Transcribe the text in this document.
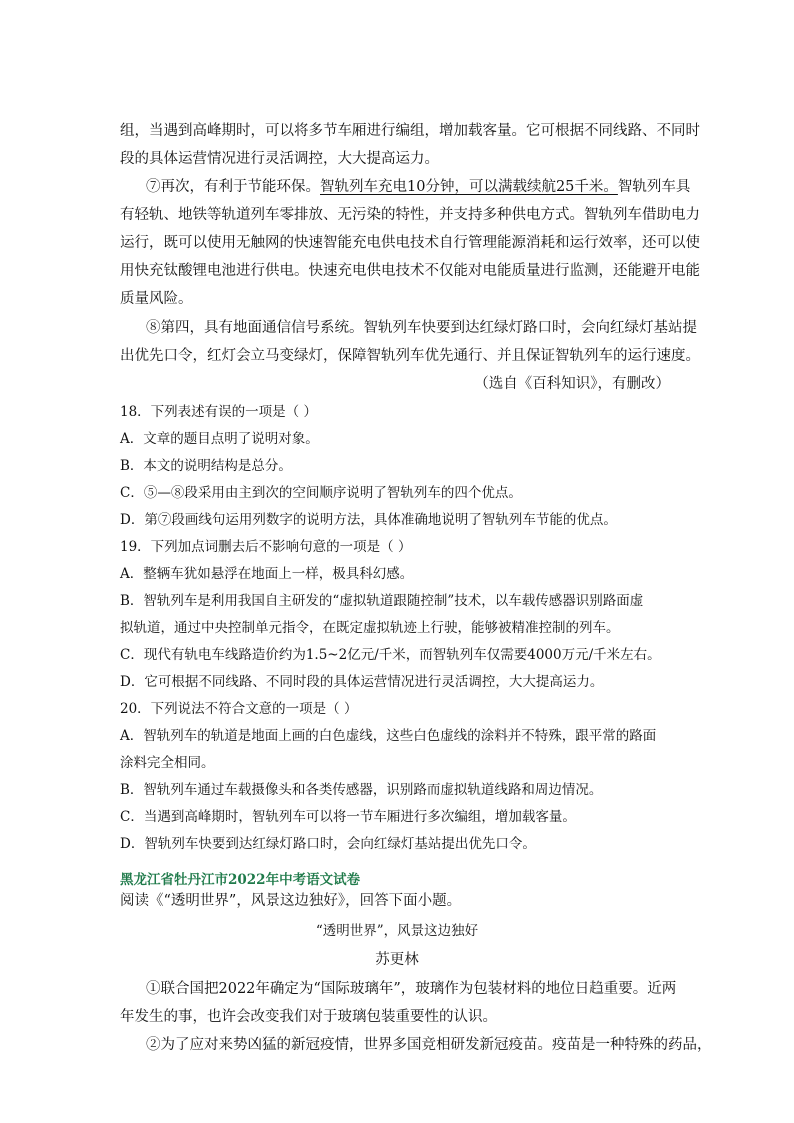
组，当遇到高峰期时，可以将多节车厢进行编组，增加载客量。它可根据不同线路、不同时
段的具体运营情况进行灵活调控，大大提高运力。
⑦再次，有利于节能环保。智轨列车充电10分钟，可以满载续航25千米。智轨列车具
有轻轨、地铁等轨道列车零排放、无污染的特性，并支持多种供电方式。智轨列车借助电力
运行，既可以使用无触网的快速智能充电供电技术自行管理能源消耗和运行效率，还可以使
用快充钛酸锂电池进行供电。快速充电供电技术不仅能对电能质量进行监测，还能避开电能
质量风险。
⑧第四，具有地面通信信号系统。智轨列车快要到达红绿灯路口时，会向红绿灯基站提
出优先口令，红灯会立马变绿灯，保障智轨列车优先通行、并且保证智轨列车的运行速度。
（选自《百科知识》，有删改）
18．下列表述有误的一项是（ ）
A．文章的题目点明了说明对象。
B．本文的说明结构是总分。
C．⑤—⑧段采用由主到次的空间顺序说明了智轨列车的四个优点。
D．第⑦段画线句运用列数字的说明方法，具体准确地说明了智轨列车节能的优点。
19．下列加点词删去后不影响句意的一项是（ ）
A．整辆车犹如悬浮在地面上一样，极具科幻感。
B．智轨列车是利用我国自主研发的“虚拟轨道跟随控制”技术，以车载传感器识别路面虚
拟轨道，通过中央控制单元指令，在既定虚拟轨迹上行驶，能够被精准控制的列车。
C．现代有轨电车线路造价约为1.5~2亿元/千米，而智轨列车仅需要4000万元/千米左右。
D．它可根据不同线路、不同时段的具体运营情况进行灵活调控，大大提高运力。
20．下列说法不符合文意的一项是（ ）
A．智轨列车的轨道是地面上画的白色虚线，这些白色虚线的涂料并不特殊，跟平常的路面
涂料完全相同。
B．智轨列车通过车载摄像头和各类传感器，识别路而虚拟轨道线路和周边情况。
C．当遇到高峰期时，智轨列车可以将一节车厢进行多次编组，增加载客量。
D．智轨列车快要到达红绿灯路口时，会向红绿灯基站提出优先口令。
黑龙江省牡丹江市2022年中考语文试卷
阅读《“透明世界”，风景这边独好》，回答下面小题。
“透明世界”，风景这边独好
苏更林
①联合国把2022年确定为“国际玻璃年”，玻璃作为包装材料的地位日趋重要。近两
年发生的事，也许会改变我们对于玻璃包装重要性的认识。
②为了应对来势凶猛的新冠疫情，世界多国竞相研发新冠疫苗。疫苗是一种特殊的药品，
